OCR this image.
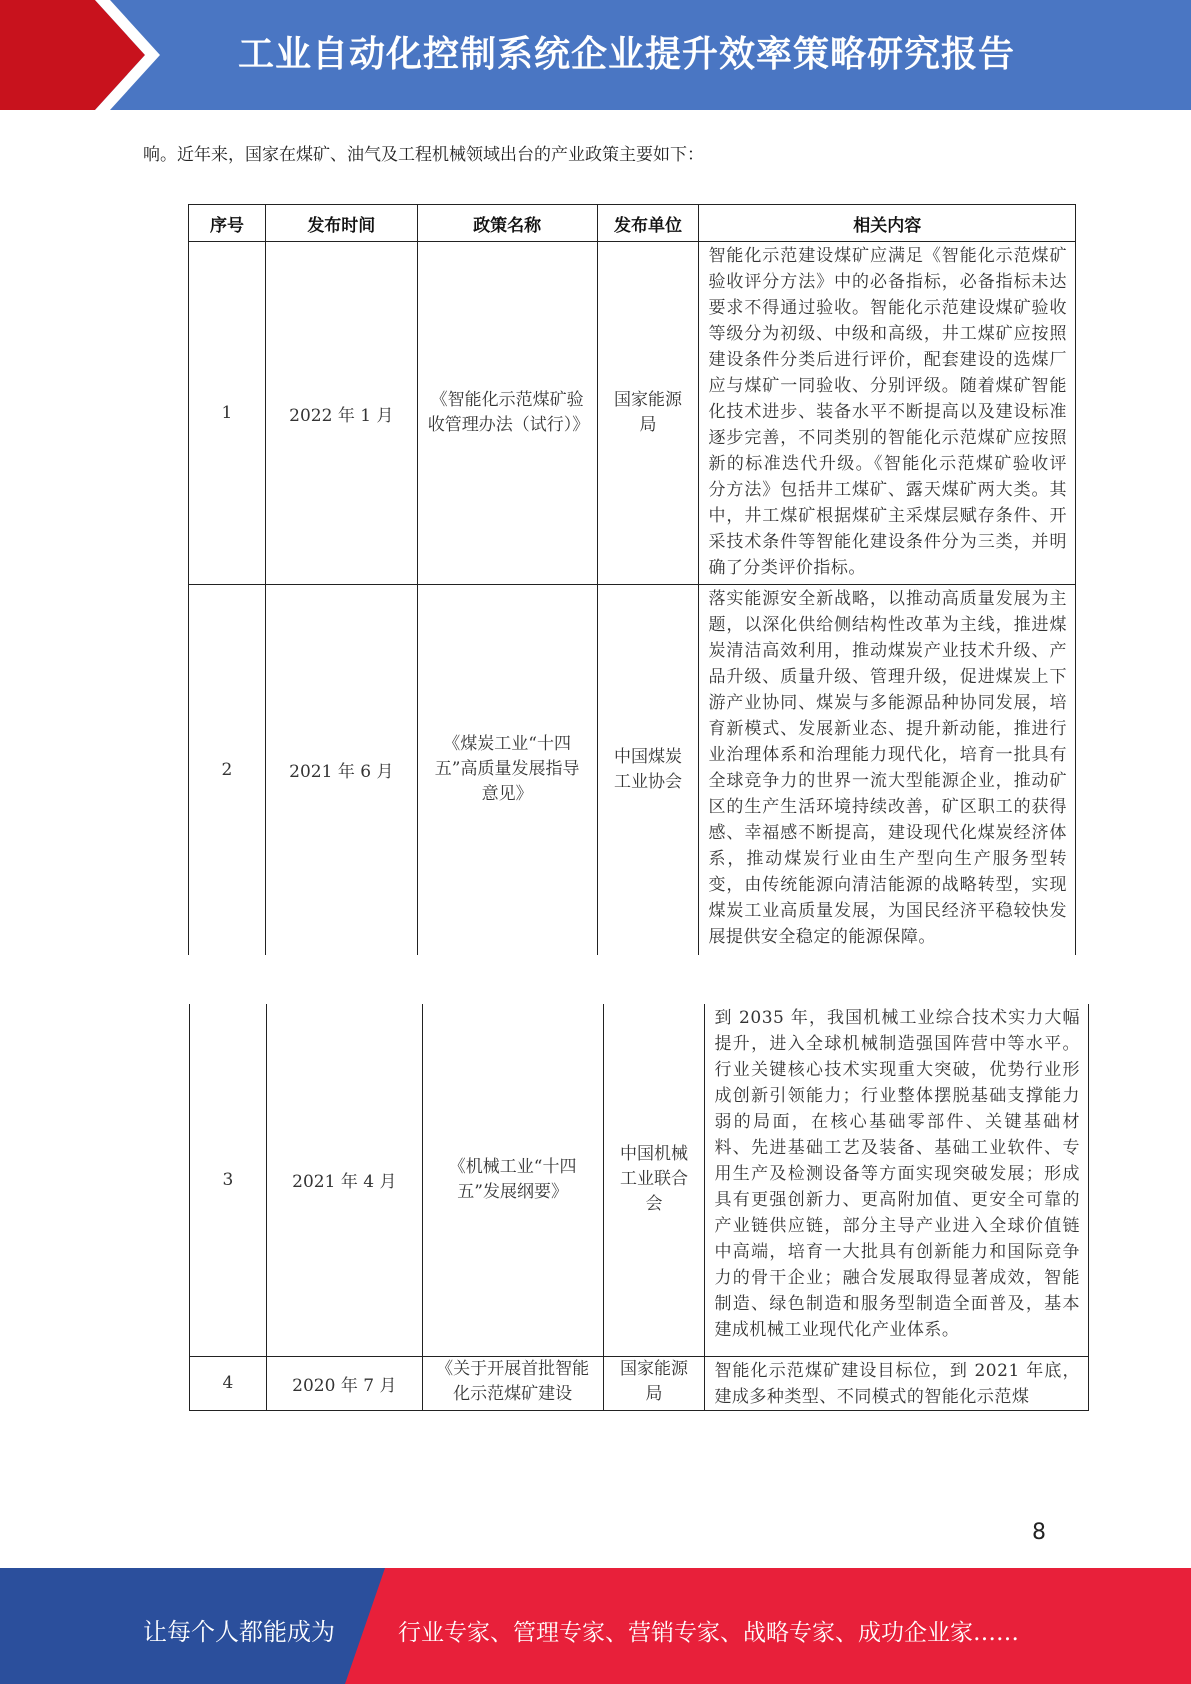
工业自动化控制系统企业提升效率策略研究报告
响。近年来，国家在煤矿、油气及工程机械领域出台的产业政策主要如下：
序号	发布时间	政策名称	发布单位	相关内容
1	2022 年 1 月	《智能化示范煤矿验收管理办法（试行）》	国家能源局	智能化示范建设煤矿应满足《智能化示范煤矿验收评分方法》中的必备指标，必备指标未达要求不得通过验收。智能化示范建设煤矿验收等级分为初级、中级和高级，井工煤矿应按照建设条件分类后进行评价，配套建设的选煤厂应与煤矿一同验收、分别评级。随着煤矿智能化技术进步、装备水平不断提高以及建设标准逐步完善，不同类别的智能化示范煤矿应按照新的标准迭代升级。《智能化示范煤矿验收评分方法》包括井工煤矿、露天煤矿两大类。其中，井工煤矿根据煤矿主采煤层赋存条件、开采技术条件等智能化建设条件分为三类，并明确了分类评价指标。
2	2021 年 6 月	《煤炭工业“十四五”高质量发展指导意见》	中国煤炭工业协会	落实能源安全新战略，以推动高质量发展为主题，以深化供给侧结构性改革为主线，推进煤炭清洁高效利用，推动煤炭产业技术升级、产品升级、质量升级、管理升级，促进煤炭上下游产业协同、煤炭与多能源品种协同发展，培育新模式、发展新业态、提升新动能，推进行业治理体系和治理能力现代化，培育一批具有全球竞争力的世界一流大型能源企业，推动矿区的生产生活环境持续改善，矿区职工的获得感、幸福感不断提高，建设现代化煤炭经济体系，推动煤炭行业由生产型向生产服务型转变，由传统能源向清洁能源的战略转型，实现煤炭工业高质量发展，为国民经济平稳较快发展提供安全稳定的能源保障。
3	2021 年 4 月	《机械工业“十四五”发展纲要》	中国机械工业联合会	到 2035 年，我国机械工业综合技术实力大幅提升，进入全球机械制造强国阵营中等水平。行业关键核心技术实现重大突破，优势行业形成创新引领能力；行业整体摆脱基础支撑能力弱的局面，在核心基础零部件、关键基础材料、先进基础工艺及装备、基础工业软件、专用生产及检测设备等方面实现突破发展；形成具有更强创新力、更高附加值、更安全可靠的产业链供应链，部分主导产业进入全球价值链中高端，培育一大批具有创新能力和国际竞争力的骨干企业；融合发展取得显著成效，智能制造、绿色制造和服务型制造全面普及，基本建成机械工业现代化产业体系。
4	2020 年 7 月	《关于开展首批智能化示范煤矿建设	国家能源局	智能化示范煤矿建设目标位，到 2021 年底，建成多种类型、不同模式的智能化示范煤
8
让每个人都能成为	行业专家、管理专家、营销专家、战略专家、成功企业家……
